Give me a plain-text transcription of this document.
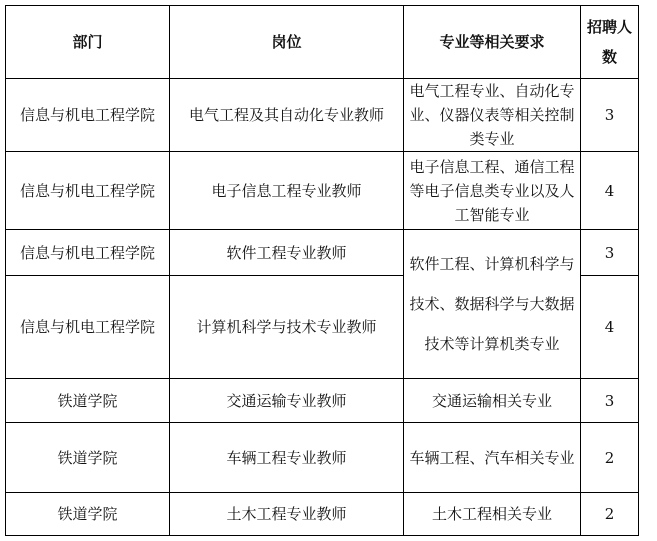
部门	岗位	专业等相关要求	招聘人数
信息与机电工程学院	电气工程及其自动化专业教师	电气工程专业、自动化专业、仪器仪表等相关控制类专业	3
信息与机电工程学院	电子信息工程专业教师	电子信息工程、通信工程等电子信息类专业以及人工智能专业	4
信息与机电工程学院	软件工程专业教师	软件工程、计算机科学与技术、数据科学与大数据技术等计算机类专业	3
信息与机电工程学院	计算机科学与技术专业教师		4
铁道学院	交通运输专业教师	交通运输相关专业	3
铁道学院	车辆工程专业教师	车辆工程、汽车相关专业	2
铁道学院	土木工程专业教师	土木工程相关专业	2
